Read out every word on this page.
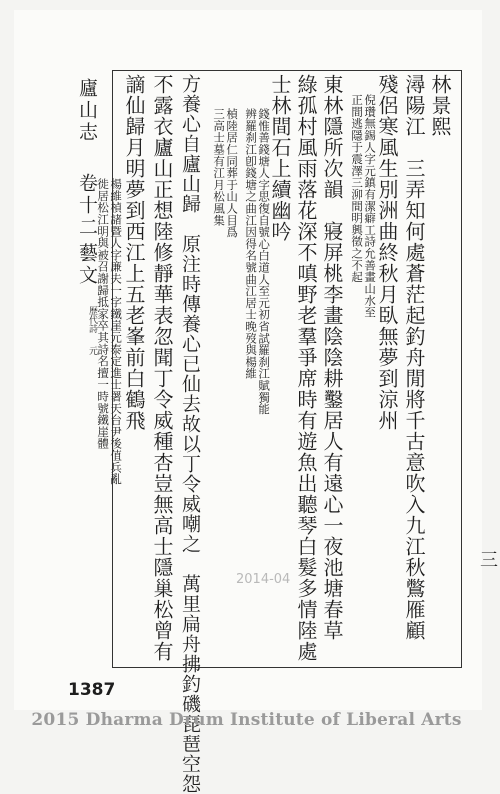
廬山志
卷十二
藝文
歷代詩
元
林景熙
潯陽江　三弄知何處蒼茫起釣舟閒將千古意吹入九江秋鷩雁顧
殘侶寒風生別洲曲終秋月臥無夢到涼州
倪瓚無錫人字元鎮有潔癖工詩允善畫山水至
正間逃隱于震澤三泖間明興徵之不起
東林隱所次韻　寢屏桃李畫陰陰耕鑿居人有遠心一夜池塘春草
綠孤村風雨落花深不嗔野老羣爭席時有遊魚出聽琴白髮多情陸處
士林間石上續幽吟
錢惟善錢塘人字思復自號心白道人至元初省試羅刹江賦獨能
辨羅刹江卽錢塘之曲江因得名號曲江居士晚歿與楊維
楨陸居仁同葬于山人目爲
三高士墓有江月松風集
方養心自廬山歸　原注時傳養心已仙去故以丁令威嘲之　萬里扁舟拂釣磯琵琶空怨
不露衣廬山正想陸修靜華表忽聞丁令威種杏豈無高士隱巢松曾有
謫仙歸月明夢到西江上五老峯前白鶴飛
楊維楨諸暨人字廉夫一字鐵崖元泰定進士署天台尹後值兵亂
徙居松江明與被召謝歸抵家卒其詩名擅一時號鐵崖體
2014-04
三
1387
2015 Dharma Drum Institute of Liberal Arts
